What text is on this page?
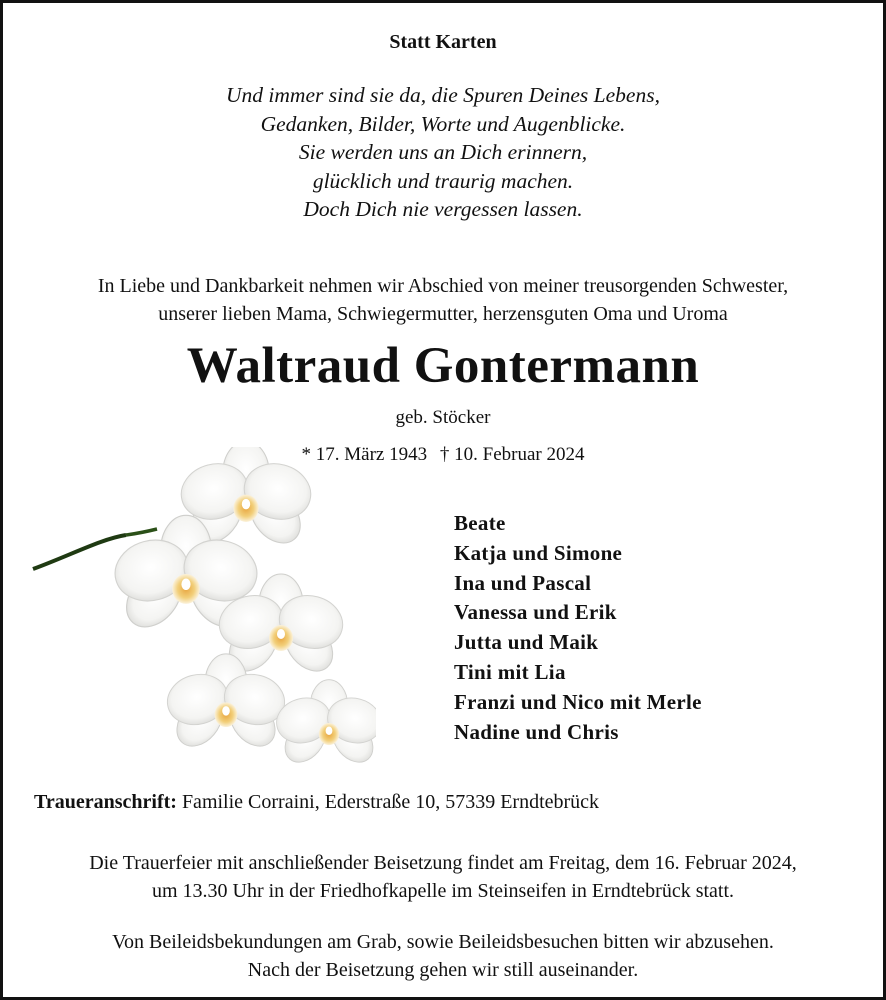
Statt Karten
Und immer sind sie da, die Spuren Deines Lebens,
Gedanken, Bilder, Worte und Augenblicke.
Sie werden uns an Dich erinnern,
glücklich und traurig machen.
Doch Dich nie vergessen lassen.
In Liebe und Dankbarkeit nehmen wir Abschied von meiner treusorgenden Schwester,
unserer lieben Mama, Schwiegermutter, herzensguten Oma und Uroma
Waltraud Gontermann
geb. Stöcker
* 17. März 1943 † 10. Februar 2024
Beate
Katja und Simone
Ina und Pascal
Vanessa und Erik
Jutta und Maik
Tini mit Lia
Franzi und Nico mit Merle
Nadine und Chris
Traueranschrift: Familie Corraini, Ederstraße 10, 57339 Erndtebrück
Die Trauerfeier mit anschließender Beisetzung findet am Freitag, dem 16. Februar 2024,
um 13.30 Uhr in der Friedhofkapelle im Steinseifen in Erndtebrück statt.
Von Beileidsbekundungen am Grab, sowie Beileidsbesuchen bitten wir abzusehen.
Nach der Beisetzung gehen wir still auseinander.
